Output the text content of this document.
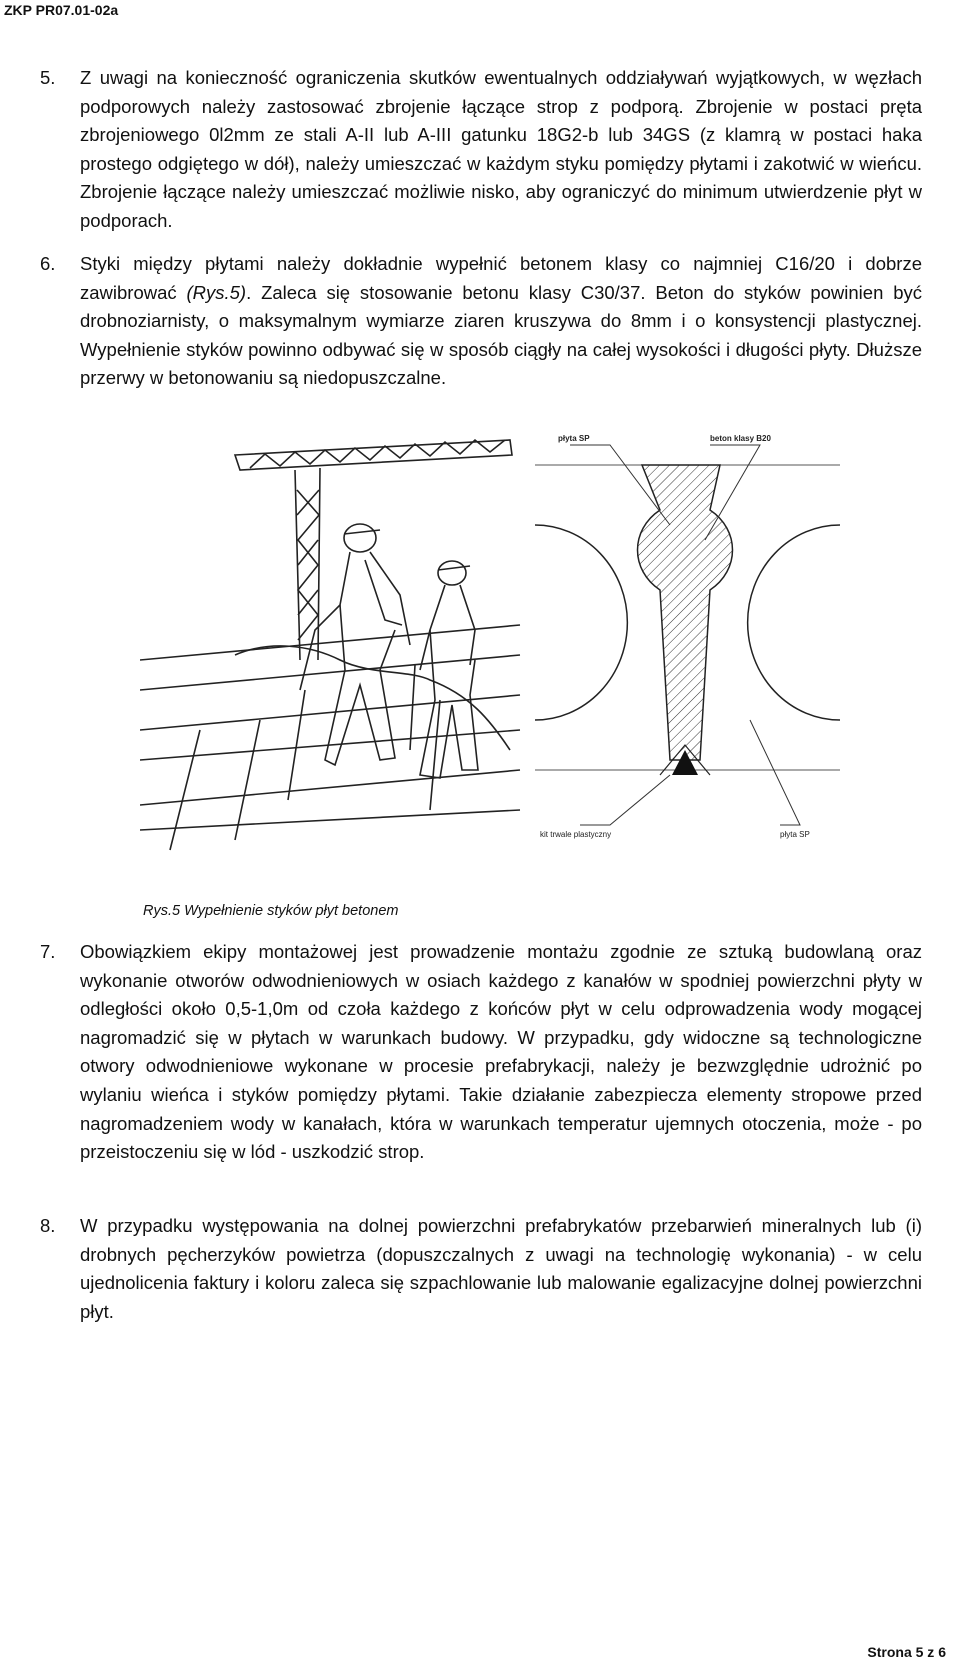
ZKP PR07.01-02a
5. Z uwagi na konieczność ograniczenia skutków ewentualnych oddziaływań wyjątkowych, w węzłach podporowych należy zastosować zbrojenie łączące strop z podporą. Zbrojenie w postaci pręta zbrojeniowego 0l2mm ze stali A-II lub A-III gatunku 18G2-b lub 34GS (z klamrą w postaci haka prostego odgiętego w dół), należy umieszczać w każdym styku pomiędzy płytami i zakotwić w wieńcu. Zbrojenie łączące należy umieszczać możliwie nisko, aby ograniczyć do minimum utwierdzenie płyt w podporach.
6. Styki między płytami należy dokładnie wypełnić betonem klasy co najmniej C16/20 i dobrze zawibrować (Rys.5). Zaleca się stosowanie betonu klasy C30/37. Beton do styków powinien być drobnoziarnisty, o maksymalnym wymiarze ziaren kruszywa do 8mm i o konsystencji plastycznej. Wypełnienie styków powinno odbywać się w sposób ciągły na całej wysokości i długości płyty. Dłuższe przerwy w betonowaniu są niedopuszczalne.
płyta SP	beton klasy B20
kit trwale plastyczny	płyta SP
Rys.5 Wypełnienie styków płyt betonem
7. Obowiązkiem ekipy montażowej jest prowadzenie montażu zgodnie ze sztuką budowlaną oraz wykonanie otworów odwodnieniowych w osiach każdego z kanałów w spodniej powierzchni płyty w odległości około 0,5-1,0m od czoła każdego z końców płyt w celu odprowadzenia wody mogącej nagromadzić się w płytach w warunkach budowy. W przypadku, gdy widoczne są technologiczne otwory odwodnieniowe wykonane w procesie prefabrykacji, należy je bezwzględnie udrożnić po wylaniu wieńca i styków pomiędzy płytami. Takie działanie zabezpiecza elementy stropowe przed nagromadzeniem wody w kanałach, która w warunkach temperatur ujemnych otoczenia, może - po przeistoczeniu się w lód - uszkodzić strop.
8. W przypadku występowania na dolnej powierzchni prefabrykatów przebarwień mineralnych lub (i) drobnych pęcherzyków powietrza (dopuszczalnych z uwagi na technologię wykonania) - w celu ujednolicenia faktury i koloru zaleca się szpachlowanie lub malowanie egalizacyjne dolnej powierzchni płyt.
Strona 5 z 6
